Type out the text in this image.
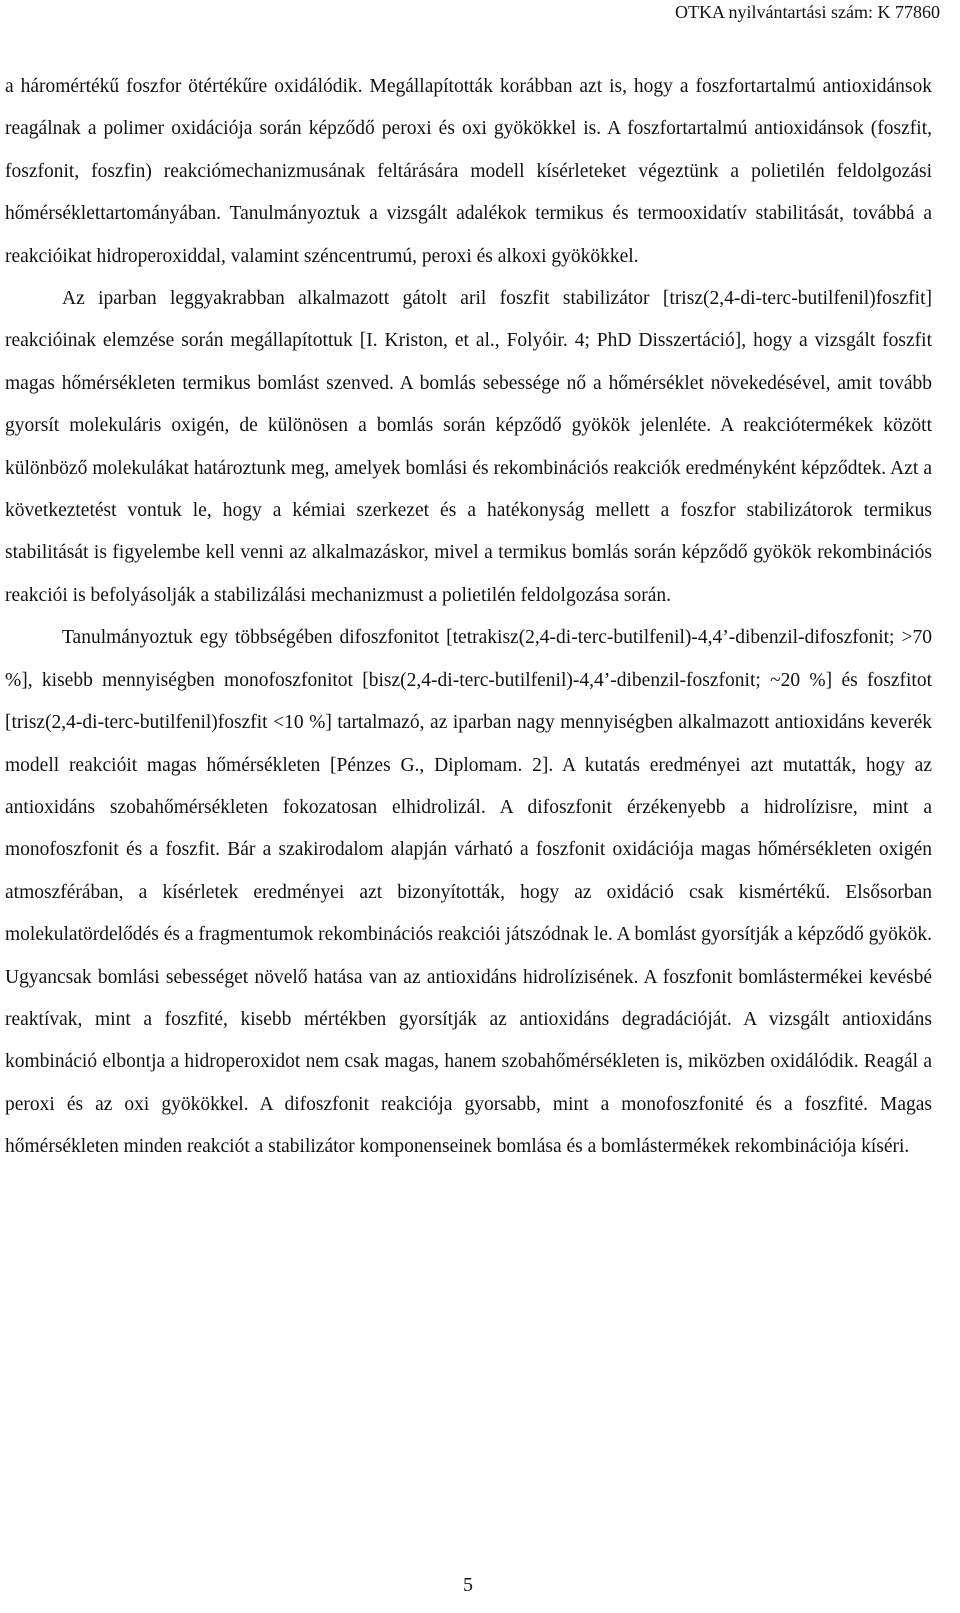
OTKA nyilvántartási szám: K 77860

a háromértékű foszfor ötértékűre oxidálódik. Megállapították korábban azt is, hogy a foszfortartalmú antioxidánsok reagálnak a polimer oxidációja során képződő peroxi és oxi gyökökkel is. A foszfortartalmú antioxidánsok (foszfit, foszfonit, foszfin) reakciómechanizmusának feltárására modell kísérleteket végeztünk a polietilén feldolgozási hőmérséklettartományában. Tanulmányoztuk a vizsgált adalékok termikus és termooxidatív stabilitását, továbbá a reakcióikat hidroperoxiddal, valamint széncentrumú, peroxi és alkoxi gyökökkel.

Az iparban leggyakrabban alkalmazott gátolt aril foszfit stabilizátor [trisz(2,4-di-terc-butilfenil)foszfit] reakcióinak elemzése során megállapítottuk [I. Kriston, et al., Folyóir. 4; PhD Disszertáció], hogy a vizsgált foszfit magas hőmérsékleten termikus bomlást szenved. A bomlás sebessége nő a hőmérséklet növekedésével, amit tovább gyorsít molekuláris oxigén, de különösen a bomlás során képződő gyökök jelenléte. A reakciótermékek között különböző molekulákat határoztunk meg, amelyek bomlási és rekombinációs reakciók eredményként képződtek. Azt a következtetést vontuk le, hogy a kémiai szerkezet és a hatékonyság mellett a foszfor stabilizátorok termikus stabilitását is figyelembe kell venni az alkalmazáskor, mivel a termikus bomlás során képződő gyökök rekombinációs reakciói is befolyásolják a stabilizálási mechanizmust a polietilén feldolgozása során.

Tanulmányoztuk egy többségében difoszfonitot [tetrakisz(2,4-di-terc-butilfenil)-4,4’-dibenzil-difoszfonit; >70 %], kisebb mennyiségben monofoszfonitot [bisz(2,4-di-terc-butilfenil)-4,4’-dibenzil-foszfonit; ~20 %] és foszfitot [trisz(2,4-di-terc-butilfenil)foszfit <10 %] tartalmazó, az iparban nagy mennyiségben alkalmazott antioxidáns keverék modell reakcióit magas hőmérsékleten [Pénzes G., Diplomam. 2]. A kutatás eredményei azt mutatták, hogy az antioxidáns szobahőmérsékleten fokozatosan elhidrolizál. A difoszfonit érzékenyebb a hidrolízisre, mint a monofoszfonit és a foszfit. Bár a szakirodalom alapján várható a foszfonit oxidációja magas hőmérsékleten oxigén atmoszférában, a kísérletek eredményei azt bizonyították, hogy az oxidáció csak kismértékű. Elsősorban molekulatördelődés és a fragmentumok rekombinációs reakciói játszódnak le. A bomlást gyorsítják a képződő gyökök. Ugyancsak bomlási sebességet növelő hatása van az antioxidáns hidrolízisének. A foszfonit bomlástermékei kevésbé reaktívak, mint a foszfité, kisebb mértékben gyorsítják az antioxidáns degradációját. A vizsgált antioxidáns kombináció elbontja a hidroperoxidot nem csak magas, hanem szobahőmérsékleten is, miközben oxidálódik. Reagál a peroxi és az oxi gyökökkel. A difoszfonit reakciója gyorsabb, mint a monofoszfonité és a foszfité. Magas hőmérsékleten minden reakciót a stabilizátor komponenseinek bomlása és a bomlástermékek rekombinációja kíséri.

5
